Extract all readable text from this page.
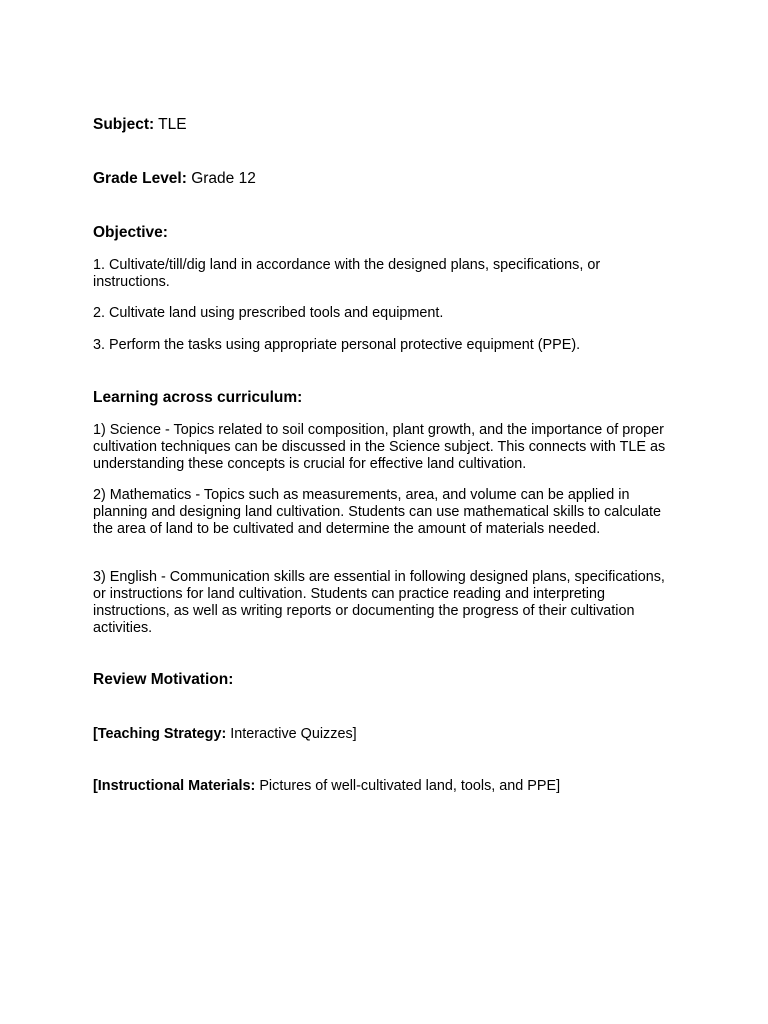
Subject: TLE

Grade Level: Grade 12

Objective:

1. Cultivate/till/dig land in accordance with the designed plans, specifications, or instructions.

2. Cultivate land using prescribed tools and equipment.

3. Perform the tasks using appropriate personal protective equipment (PPE).

Learning across curriculum:

1) Science - Topics related to soil composition, plant growth, and the importance of proper cultivation techniques can be discussed in the Science subject. This connects with TLE as understanding these concepts is crucial for effective land cultivation.

2) Mathematics - Topics such as measurements, area, and volume can be applied in planning and designing land cultivation. Students can use mathematical skills to calculate the area of land to be cultivated and determine the amount of materials needed.

3) English - Communication skills are essential in following designed plans, specifications, or instructions for land cultivation. Students can practice reading and interpreting instructions, as well as writing reports or documenting the progress of their cultivation activities.

Review Motivation:

[Teaching Strategy: Interactive Quizzes]

[Instructional Materials: Pictures of well-cultivated land, tools, and PPE]
